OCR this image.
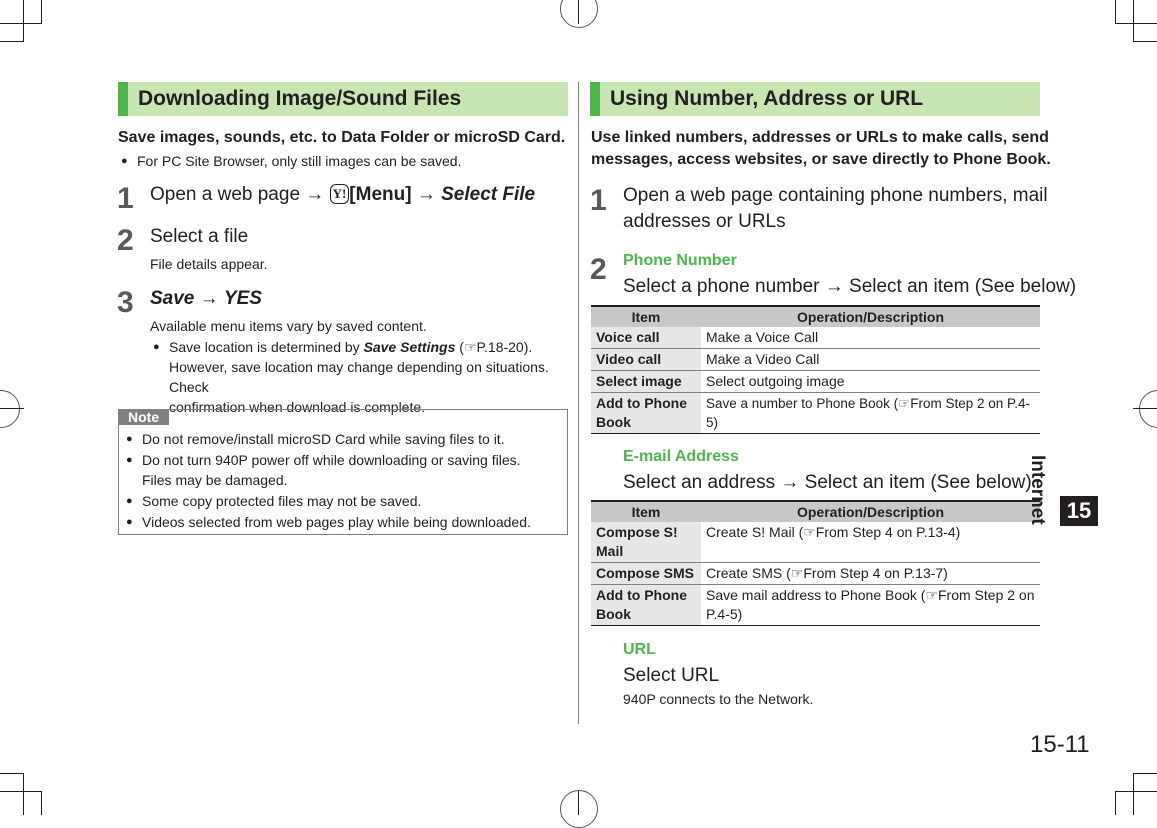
Downloading Image/Sound Files
Save images, sounds, etc. to Data Folder or microSD Card.
● For PC Site Browser, only still images can be saved.
1 Open a web page → Y! [Menu] → Select File
2 Select a file
File details appear.
3 Save → YES
Available menu items vary by saved content.
● Save location is determined by Save Settings (☞P.18-20).
However, save location may change depending on situations. Check
confirmation when download is complete.
Note
● Do not remove/install microSD Card while saving files to it.
● Do not turn 940P power off while downloading or saving files.
Files may be damaged.
● Some copy protected files may not be saved.
● Videos selected from web pages play while being downloaded.
Using Number, Address or URL
Use linked numbers, addresses or URLs to make calls, send
messages, access websites, or save directly to Phone Book.
1 Open a web page containing phone numbers, mail
addresses or URLs
2 Phone Number
Select a phone number → Select an item (See below)
Item	Operation/Description
Voice call	Make a Voice Call
Video call	Make a Video Call
Select image	Select outgoing image
Add to Phone Book	Save a number to Phone Book (☞From Step 2 on P.4-5)
E-mail Address
Select an address → Select an item (See below)
Item	Operation/Description
Compose S! Mail	Create S! Mail (☞From Step 4 on P.13-4)
Compose SMS	Create SMS (☞From Step 4 on P.13-7)
Add to Phone Book	Save mail address to Phone Book (☞From Step 2 on P.4-5)
URL
Select URL
940P connects to the Network.
Internet 15
15-11
